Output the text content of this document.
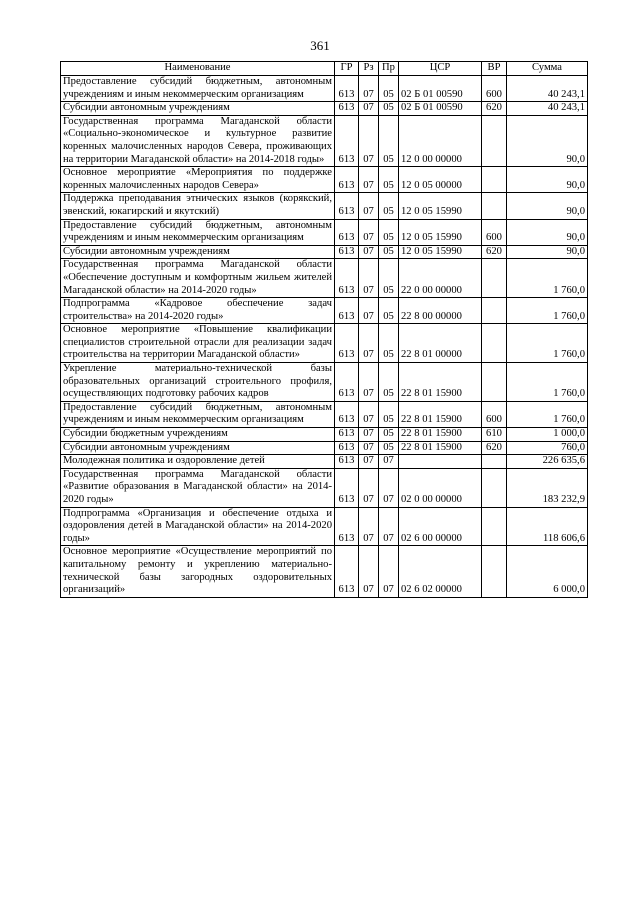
361
Наименование	ГР	Рз	Пр	ЦСР	ВР	Сумма
Предоставление субсидий бюджетным, автономным учреждениям и иным некоммерческим организациям	613	07	05	02 Б 01 00590	600	40 243,1
Субсидии автономным учреждениям	613	07	05	02 Б 01 00590	620	40 243,1
Государственная программа Магаданской области «Социально-экономическое и культурное развитие коренных малочисленных народов Севера, проживающих на территории Магаданской области» на 2014-2018 годы»	613	07	05	12 0 00 00000		90,0
Основное мероприятие «Мероприятия по поддержке коренных малочисленных народов Севера»	613	07	05	12 0 05 00000		90,0
Поддержка преподавания этнических языков (корякский, эвенский, юкагирский и якутский)	613	07	05	12 0 05 15990		90,0
Предоставление субсидий бюджетным, автономным учреждениям и иным некоммерческим организациям	613	07	05	12 0 05 15990	600	90,0
Субсидии автономным учреждениям	613	07	05	12 0 05 15990	620	90,0
Государственная программа Магаданской области «Обеспечение доступным и комфортным жильем жителей Магаданской области» на 2014-2020 годы»	613	07	05	22 0 00 00000		1 760,0
Подпрограмма «Кадровое обеспечение задач строительства» на 2014-2020 годы»	613	07	05	22 8 00 00000		1 760,0
Основное мероприятие «Повышение квалификации специалистов строительной отрасли для реализации задач строительства на территории Магаданской области»	613	07	05	22 8 01 00000		1 760,0
Укрепление материально-технической базы образовательных организаций строительного профиля, осуществляющих подготовку рабочих кадров	613	07	05	22 8 01 15900		1 760,0
Предоставление субсидий бюджетным, автономным учреждениям и иным некоммерческим организациям	613	07	05	22 8 01 15900	600	1 760,0
Субсидии бюджетным учреждениям	613	07	05	22 8 01 15900	610	1 000,0
Субсидии автономным учреждениям	613	07	05	22 8 01 15900	620	760,0
Молодежная политика и оздоровление детей	613	07	07			226 635,6
Государственная программа Магаданской области «Развитие образования в Магаданской области» на 2014-2020 годы»	613	07	07	02 0 00 00000		183 232,9
Подпрограмма «Организация и обеспечение отдыха и оздоровления детей в Магаданской области» на 2014-2020 годы»	613	07	07	02 6 00 00000		118 606,6
Основное мероприятие «Осуществление мероприятий по капитальному ремонту и укреплению материально-технической базы загородных оздоровительных организаций»	613	07	07	02 6 02 00000		6 000,0
